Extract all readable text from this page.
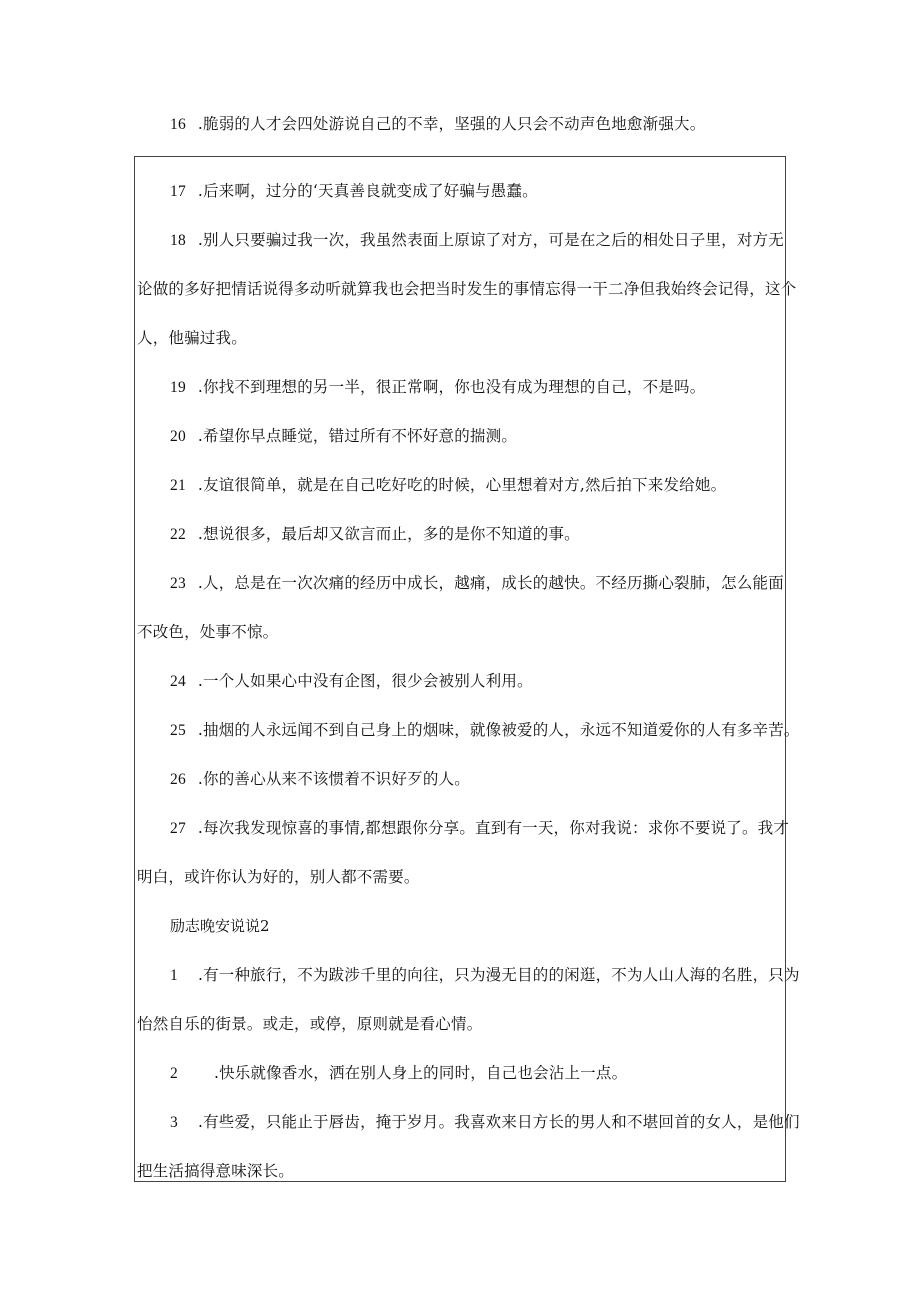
16 .脆弱的人才会四处游说自己的不幸，坚强的人只会不动声色地愈渐强大。
17 .后来啊，过分的‘天真善良就变成了好骗与愚蠢。
18 .别人只要骗过我一次，我虽然表面上原谅了对方，可是在之后的相处日子里，对方无
论做的多好把情话说得多动听就算我也会把当时发生的事情忘得一干二净但我始终会记得，这个
人，他骗过我。
19 .你找不到理想的另一半，很正常啊，你也没有成为理想的自己，不是吗。
20 .希望你早点睡觉，错过所有不怀好意的揣测。
21 .友谊很简单，就是在自己吃好吃的时候，心里想着对方,然后拍下来发给她。
22 .想说很多，最后却又欲言而止，多的是你不知道的事。
23 .人，总是在一次次痛的经历中成长，越痛，成长的越快。不经历撕心裂肺，怎么能面
不改色，处事不惊。
24 .一个人如果心中没有企图，很少会被别人利用。
25 .抽烟的人永远闻不到自己身上的烟味，就像被爱的人，永远不知道爱你的人有多辛苦。
26 .你的善心从来不该惯着不识好歹的人。
27 .每次我发现惊喜的事情,都想跟你分享。直到有一天，你对我说：求你不要说了。我才
明白，或许你认为好的，别人都不需要。
励志晚安说说2
1 .有一种旅行，不为跋涉千里的向往，只为漫无目的的闲逛，不为人山人海的名胜，只为
怡然自乐的街景。或走，或停，原则就是看心情。
2 .快乐就像香水，洒在别人身上的同时，自己也会沾上一点。
3 .有些爱，只能止于唇齿，掩于岁月。我喜欢来日方长的男人和不堪回首的女人，是他们
把生活搞得意味深长。
